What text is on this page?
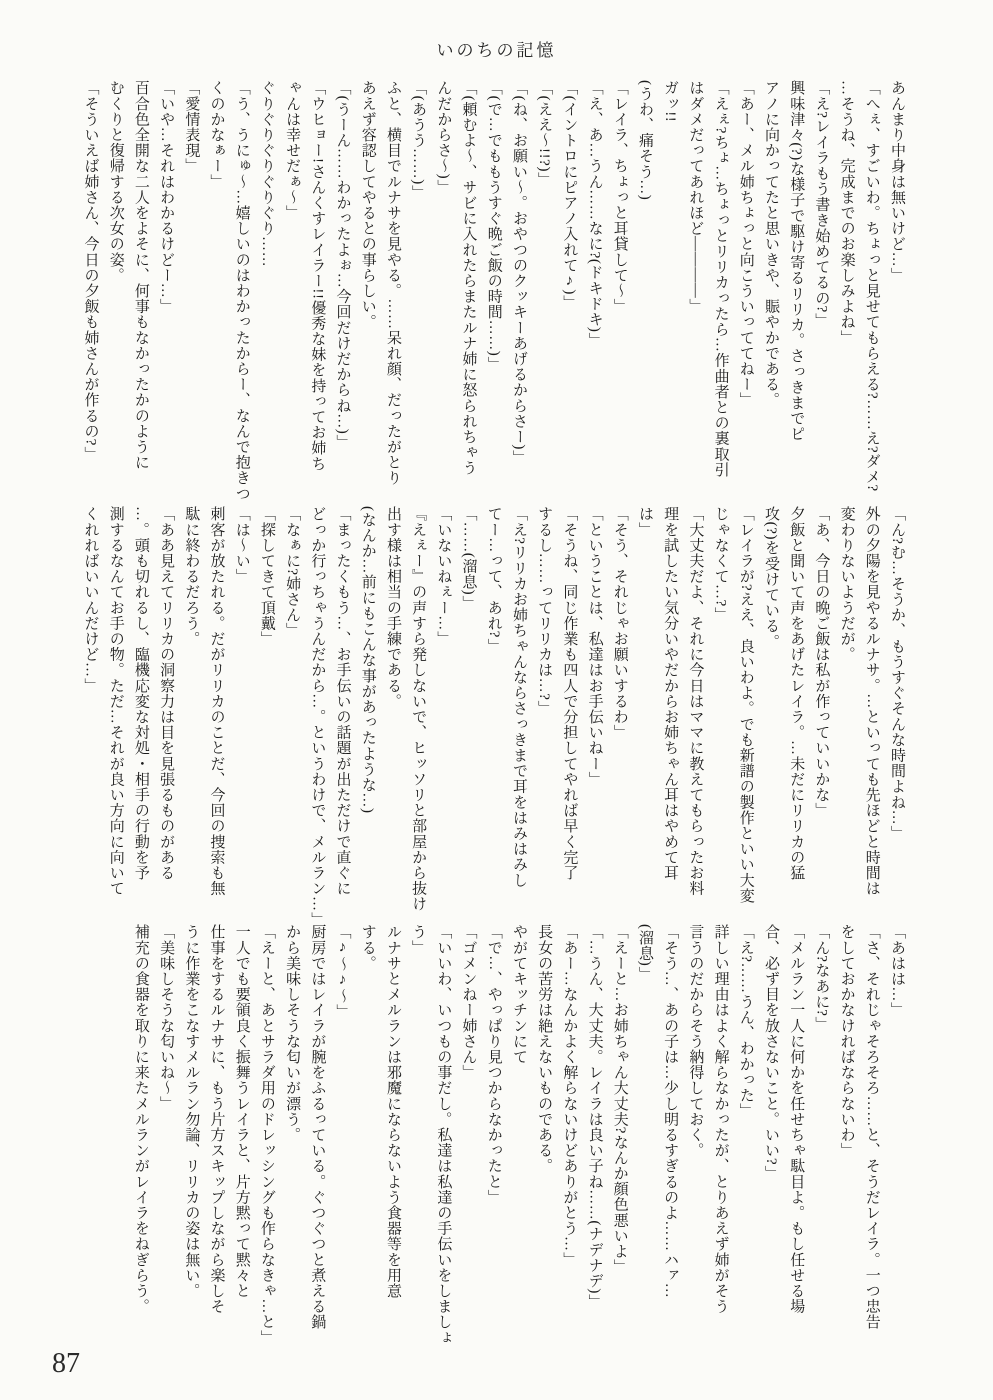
いのちの記憶

あんまり中身は無いけど…」

「へぇ、すごいわ。ちょっと見せてもらえる?……え?ダメ?

…そうね、完成までのお楽しみよね」

「え?レイラもう書き始めてるの?」

興味津々(?)な様子で駆け寄るリリカ。さっきまでピ

アノに向かってたと思いきや、賑やかである。

「あー、メル姉ちょっと向こういっててねー」

「えぇ?ちょ…ちょっとリリカったら…作曲者との裏取引

はダメだってあれほど――――」

ガッ!!

(うわ、痛そう…)

「レイラ、ちょっと耳貸して〜」

「え、あ…うん……なに?(ドキドキ)」

「(イントロにピアノ入れて♪)」

「(ええ〜!!?)」

「(ね、お願い〜。おやつのクッキーあげるからさー)」

「(で…でももうすぐ晩ご飯の時間……)」

「(頼むよ〜、サビに入れたらまたルナ姉に怒られちゃう

んだからさ〜)」

「(あうう……)」

ふと、横目でルナサを見やる。……呆れ顔、だったがとり

あえず容認してやるとの事らしい。

「(うーん……わかったよぉ…今回だけだからね…)」

「ウヒョー!さんくすレイラー!!優秀な妹を持ってお姉ち

ゃんは幸せだぁ〜」

ぐりぐりぐりぐりぐり……

「う、うにゅ〜…嬉しいのはわかったからー、なんで抱きつ

くのかなぁー」

「愛情表現」

「いや…それはわかるけどー…」

百合色全開な二人をよそに、何事もなかったかのように

むくりと復帰する次女の姿。

「そういえば姉さん、今日の夕飯も姉さんが作るの?」

「ん?む…そうか、もうすぐそんな時間よね…」

外の夕陽を見やるルナサ。…といっても先ほどと時間は

変わりないようだが。

「あ、今日の晩ご飯は私が作っていいかな」

夕飯と聞いて声をあげたレイラ。…未だにリリカの猛

攻(?)を受けている。

「レイラが?ええ、良いわよ。でも新譜の製作といい大変

じゃなくて…?」

「大丈夫だよ、それに今日はママに教えてもらったお料

理を試したい気分いやだからお姉ちゃん耳はやめて耳

は」

「そう、それじゃお願いするわ」

「ということは、私達はお手伝いねー」

「そうね、同じ作業も四人で分担してやれば早く完了

するし……ってリリカは…?」

「え?リリカお姉ちゃんならさっきまで耳をはみはみし

てー…って、あれ?」

「……(溜息)」

「いないねぇー…」

『えぇー』の声すら発しないで、ヒッソリと部屋から抜け

出す様は相当の手練である。

(なんか…前にもこんな事があったような…)

「まったくもう…、お手伝いの話題が出ただけで直ぐに

どっか行っちゃうんだから…。というわけで、メルラン…」

「なぁに?姉さん」

「探してきて頂戴」

「は〜い」

刺客が放たれる。だがリリカのことだ、今回の捜索も無

駄に終わるだろう。

「ああ見えてリリカの洞察力は目を見張るものがある

…。頭も切れるし、臨機応変な対処・相手の行動を予

測するなんてお手の物。ただ…それが良い方向に向いて

くれればいいんだけど…」

「あはは…」

「さ、それじゃそろそろ……と、そうだレイラ。一つ忠告

をしておかなければならないわ」

「ん?なあに?」

「メルラン一人に何かを任せちゃ駄目よ。もし任せる場

合、必ず目を放さないこと。いい?」

「え?……うん、わかった」

詳しい理由はよく解らなかったが、とりあえず姉がそう

言うのだからそう納得しておく。

「そう…、あの子は…少し明るすぎるのよ……ハァ…

(溜息)」

「えーと…お姉ちゃん大丈夫?なんか顔色悪いよ」

「…うん、大丈夫。レイラは良い子ね……(ナデナデ)」

「あー…なんかよく解らないけどありがとう…」

長女の苦労は絶えないものである。

やがてキッチンにて

「で…、やっぱり見つからなかったと」

「ゴメンねー姉さん」

「いいわ、いつもの事だし。私達は私達の手伝いをしましょ

う」

ルナサとメルランは邪魔にならないよう食器等を用意

する。

「♪〜♪〜」

厨房ではレイラが腕をふるっている。ぐつぐつと煮える鍋

から美味しそうな匂いが漂う。

「えーと、あとサラダ用のドレッシングも作らなきゃ…と」

一人でも要領良く振舞うレイラと、片方黙って黙々と

仕事をするルナサに、もう片方スキップしながら楽しそ

うに作業をこなすメルラン勿論、リリカの姿は無い。

「美味しそうな匂いね〜」

補充の食器を取りに来たメルランがレイラをねぎらう。

87
